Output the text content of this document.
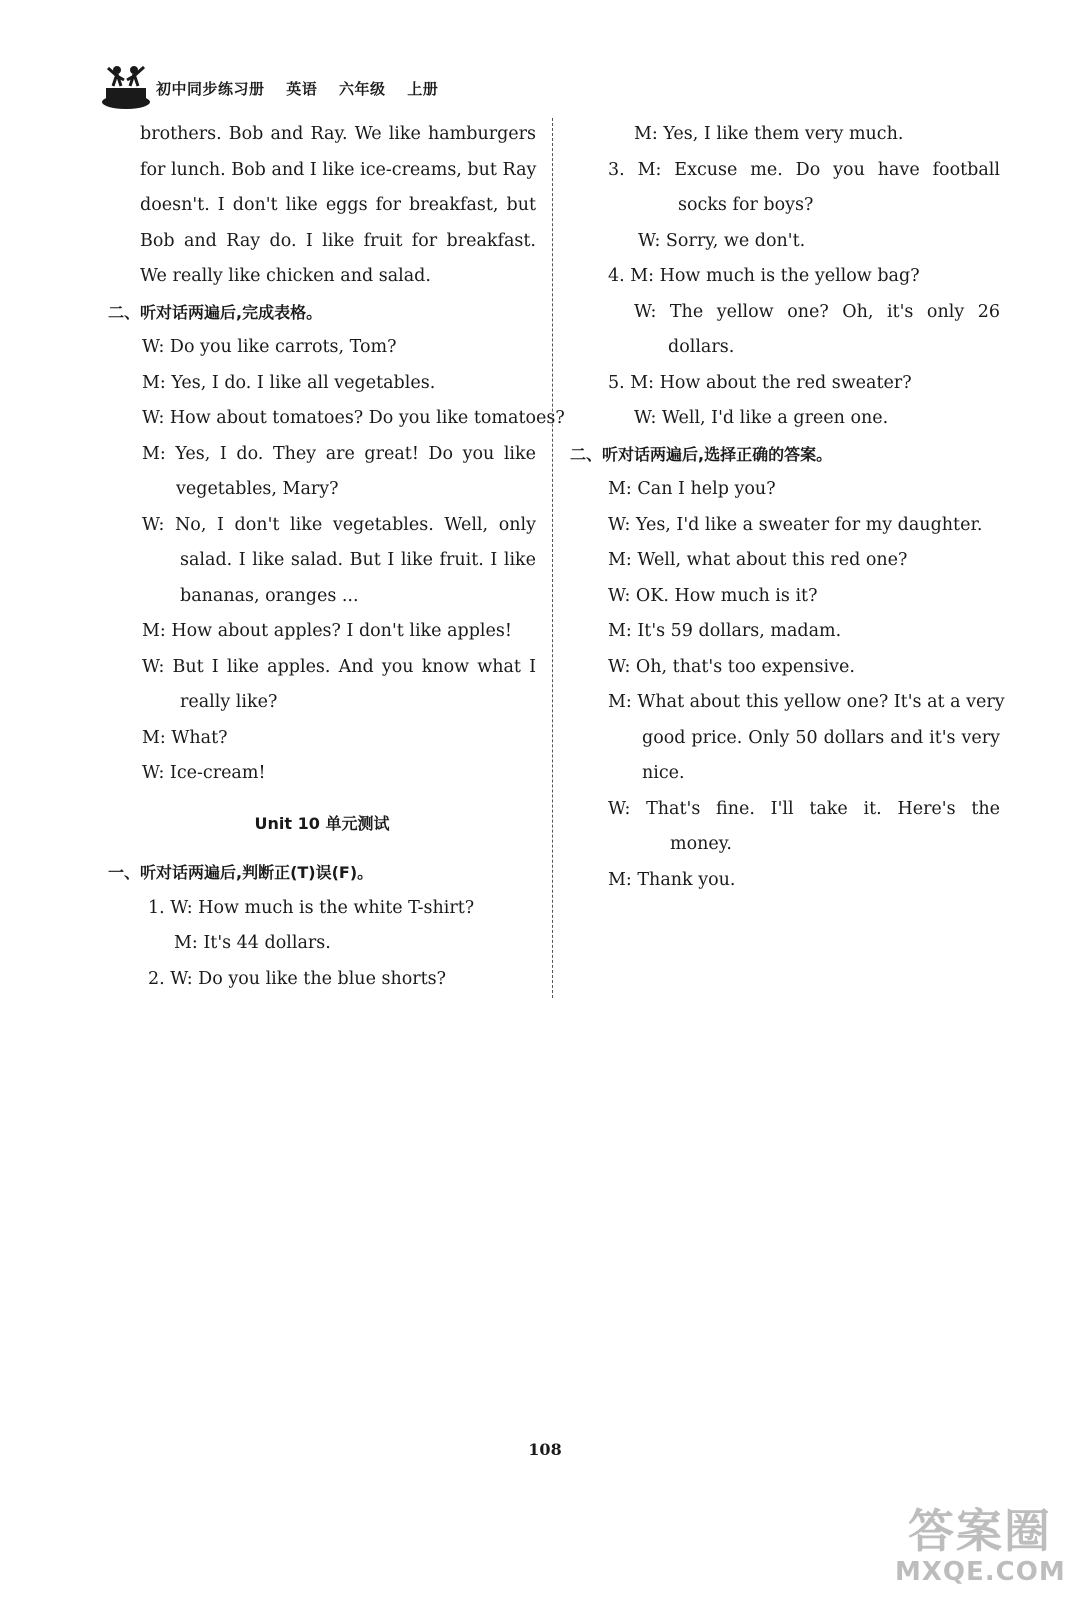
初中同步练习册 英语 六年级 上册
brothers. Bob and Ray. We like hamburgers
for lunch. Bob and I like ice-creams, but Ray
doesn't. I don't like eggs for breakfast, but
Bob and Ray do. I like fruit for breakfast.
We really like chicken and salad.
二、听对话两遍后,完成表格。
W: Do you like carrots, Tom?
M: Yes, I do. I like all vegetables.
W: How about tomatoes? Do you like tomatoes?
M: Yes, I do. They are great! Do you like
vegetables, Mary?
W: No, I don't like vegetables. Well, only
salad. I like salad. But I like fruit. I like
bananas, oranges ...
M: How about apples? I don't like apples!
W: But I like apples. And you know what I
really like?
M: What?
W: Ice-cream!
Unit 10 单元测试
一、听对话两遍后,判断正(T)误(F)。
1. W: How much is the white T-shirt?
M: It's 44 dollars.
2. W: Do you like the blue shorts?
M: Yes, I like them very much.
3. M: Excuse me. Do you have football
socks for boys?
W: Sorry, we don't.
4. M: How much is the yellow bag?
W: The yellow one? Oh, it's only 26
dollars.
5. M: How about the red sweater?
W: Well, I'd like a green one.
二、听对话两遍后,选择正确的答案。
M: Can I help you?
W: Yes, I'd like a sweater for my daughter.
M: Well, what about this red one?
W: OK. How much is it?
M: It's 59 dollars, madam.
W: Oh, that's too expensive.
M: What about this yellow one? It's at a very
good price. Only 50 dollars and it's very
nice.
W: That's fine. I'll take it. Here's the
money.
M: Thank you.
108
答案圈
MXQE.COM
